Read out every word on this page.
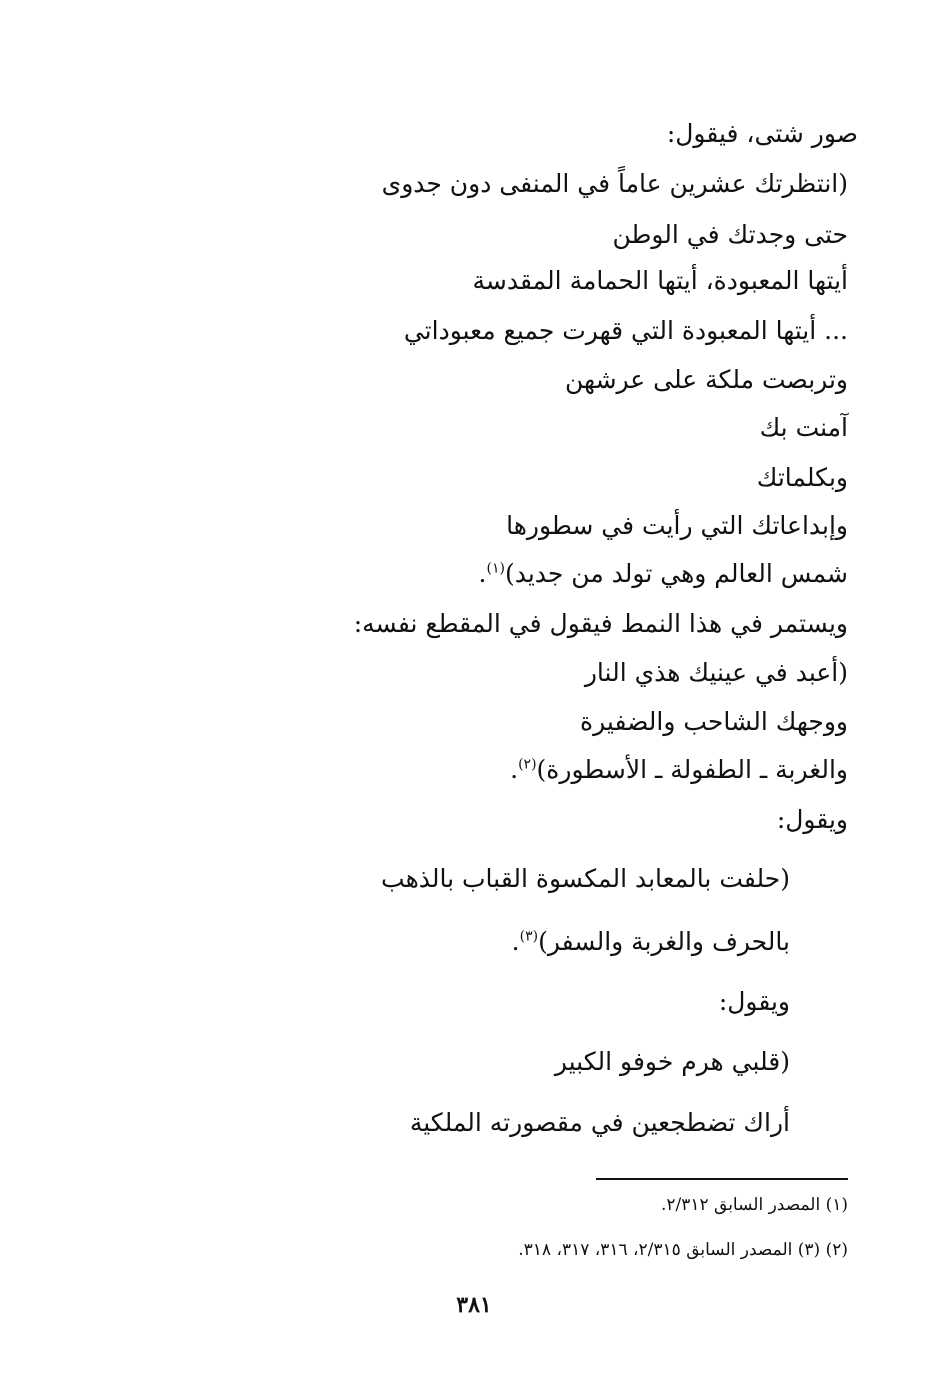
صور شتى، فيقول:
(انتظرتك عشرين عاماً في المنفى دون جدوى
حتى وجدتك في الوطن
أيتها المعبودة، أيتها الحمامة المقدسة
... أيتها المعبودة التي قهرت جميع معبوداتي
وتربصت ملكة على عرشهن
آمنت بك
وبكلماتك
وإبداعاتك التي رأيت في سطورها
شمس العالم وهي تولد من جديد)$^{(١)}$.
ويستمر في هذا النمط فيقول في المقطع نفسه:
(أعبد في عينيك هذي النار
ووجهك الشاحب والضفيرة
والغربة ـ الطفولة ـ الأسطورة)$^{(٢)}$.
ويقول:
(حلفت بالمعابد المكسوة القباب بالذهب
بالحرف والغربة والسفر)$^{(٣)}$.
ويقول:
(قلبي هرم خوفو الكبير
أراك تضطجعين في مقصورته الملكية
(١) المصدر السابق ٢/٣١٢.
(٢) (٣) المصدر السابق ٢/٣١٥، ٣١٦، ٣١٧، ٣١٨.
٣٨١
